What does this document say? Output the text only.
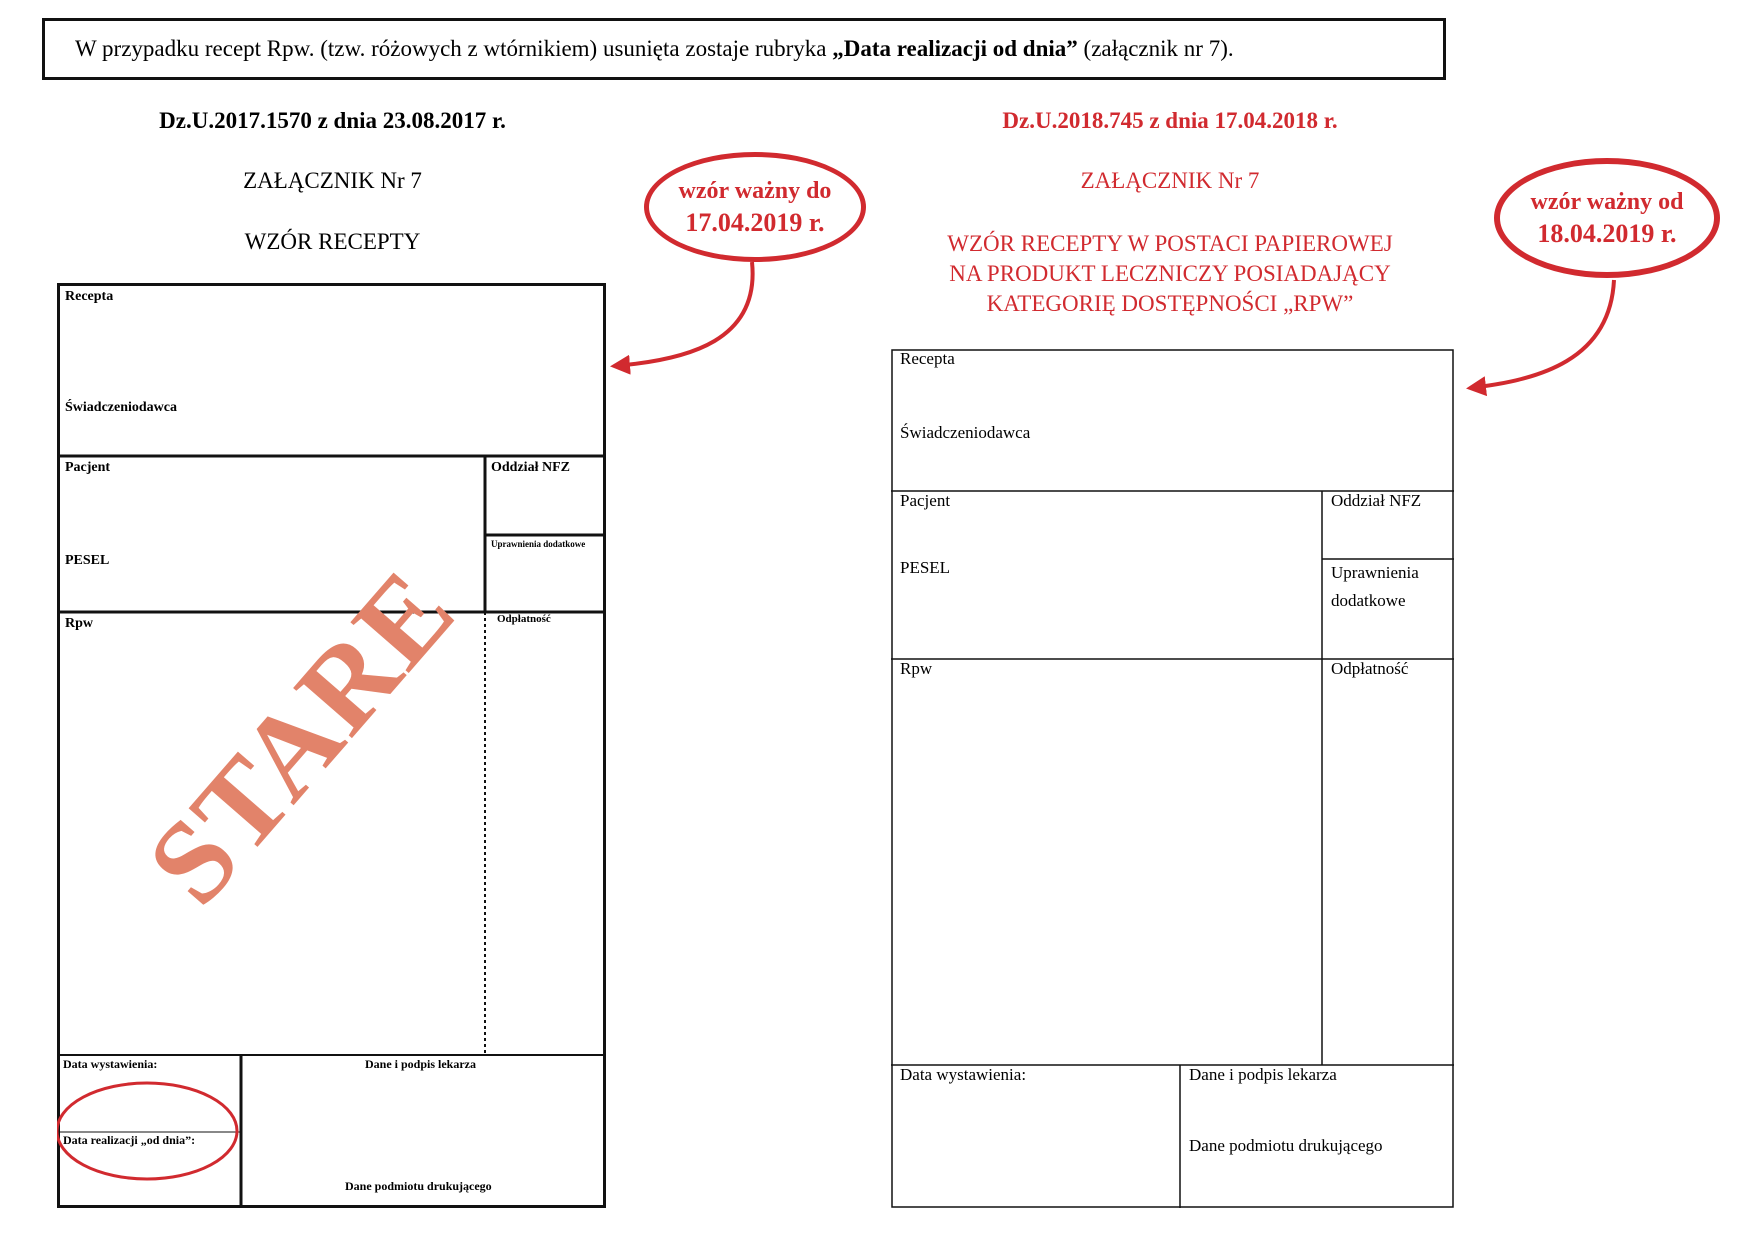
W przypadku recept Rpw. (tzw. różowych z wtórnikiem) usunięta zostaje rubryka „Data realizacji od dnia” (załącznik nr 7).
Dz.U.2017.1570 z dnia 23.08.2017 r.
ZAŁĄCZNIK Nr 7
WZÓR RECEPTY
wzór ważny do
17.04.2019 r.
Dz.U.2018.745 z dnia 17.04.2018 r.
ZAŁĄCZNIK Nr 7
WZÓR RECEPTY W POSTACI PAPIEROWEJ
NA PRODUKT LECZNICZY POSIADAJĄCY
KATEGORIĘ DOSTĘPNOŚCI „RPW”
wzór ważny od
18.04.2019 r.
Recepta
Świadczeniodawca
Pacjent	Oddział NFZ
Uprawnienia dodatkowe
PESEL
Rpw	Odpłatność
Data wystawienia:	Dane i podpis lekarza
Data realizacji „od dnia”:
Dane podmiotu drukującego
STARE
Recepta
Świadczeniodawca
Pacjent	Oddział NFZ
PESEL	Uprawnienia
dodatkowe
Rpw	Odpłatność
Data wystawienia:	Dane i podpis lekarza
Dane podmiotu drukującego
